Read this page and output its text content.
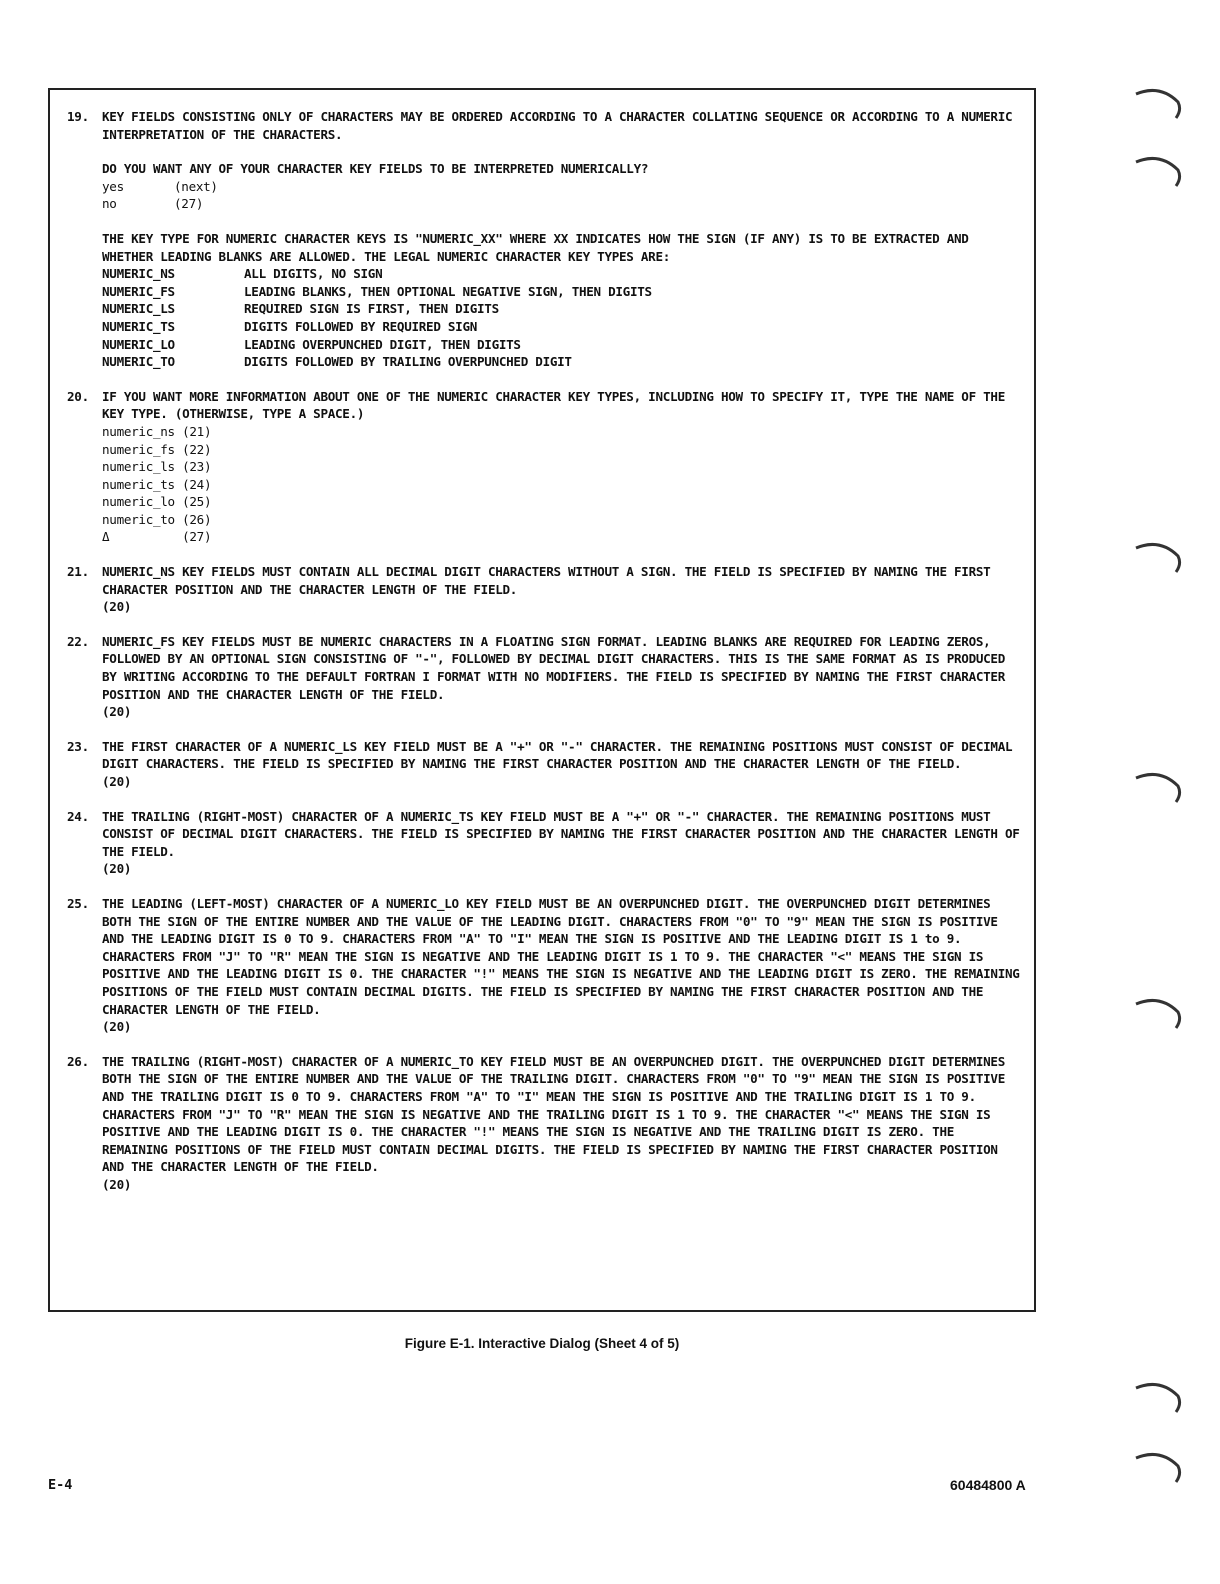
19. KEY FIELDS CONSISTING ONLY OF CHARACTERS MAY BE ORDERED ACCORDING TO A CHARACTER COLLATING SEQUENCE OR ACCORDING TO A NUMERIC INTERPRETATION OF THE CHARACTERS.

DO YOU WANT ANY OF YOUR CHARACTER KEY FIELDS TO BE INTERPRETED NUMERICALLY?

yes	(next)
no	(27)

THE KEY TYPE FOR NUMERIC CHARACTER KEYS IS "NUMERIC_XX" WHERE XX INDICATES HOW THE SIGN (IF ANY) IS TO BE EXTRACTED AND WHETHER LEADING BLANKS ARE ALLOWED. THE LEGAL NUMERIC CHARACTER KEY TYPES ARE:

NUMERIC_NS	ALL DIGITS, NO SIGN
NUMERIC_FS	LEADING BLANKS, THEN OPTIONAL NEGATIVE SIGN, THEN DIGITS
NUMERIC_LS	REQUIRED SIGN IS FIRST, THEN DIGITS
NUMERIC_TS	DIGITS FOLLOWED BY REQUIRED SIGN
NUMERIC_LO	LEADING OVERPUNCHED DIGIT, THEN DIGITS
NUMERIC_TO	DIGITS FOLLOWED BY TRAILING OVERPUNCHED DIGIT
20. IF YOU WANT MORE INFORMATION ABOUT ONE OF THE NUMERIC CHARACTER KEY TYPES, INCLUDING HOW TO SPECIFY IT, TYPE THE NAME OF THE KEY TYPE. (OTHERWISE, TYPE A SPACE.)

numeric_ns (21)
numeric_fs (22)
numeric_ls (23)
numeric_ts (24)
numeric_lo (25)
numeric_to (26)
Δ          (27)
21. NUMERIC_NS KEY FIELDS MUST CONTAIN ALL DECIMAL DIGIT CHARACTERS WITHOUT A SIGN. THE FIELD IS SPECIFIED BY NAMING THE FIRST CHARACTER POSITION AND THE CHARACTER LENGTH OF THE FIELD.

(20)

22. NUMERIC_FS KEY FIELDS MUST BE NUMERIC CHARACTERS IN A FLOATING SIGN FORMAT. LEADING BLANKS ARE REQUIRED FOR LEADING ZEROS, FOLLOWED BY AN OPTIONAL SIGN CONSISTING OF "-", FOLLOWED BY DECIMAL DIGIT CHARACTERS. THIS IS THE SAME FORMAT AS IS PRODUCED BY WRITING ACCORDING TO THE DEFAULT FORTRAN I FORMAT WITH NO MODIFIERS. THE FIELD IS SPECIFIED BY NAMING THE FIRST CHARACTER POSITION AND THE CHARACTER LENGTH OF THE FIELD.

(20)

23. THE FIRST CHARACTER OF A NUMERIC_LS KEY FIELD MUST BE A "+" OR "-" CHARACTER. THE REMAINING POSITIONS MUST CONSIST OF DECIMAL DIGIT CHARACTERS. THE FIELD IS SPECIFIED BY NAMING THE FIRST CHARACTER POSITION AND THE CHARACTER LENGTH OF THE FIELD.

(20)

24. THE TRAILING (RIGHT-MOST) CHARACTER OF A NUMERIC_TS KEY FIELD MUST BE A "+" OR "-" CHARACTER. THE REMAINING POSITIONS MUST CONSIST OF DECIMAL DIGIT CHARACTERS. THE FIELD IS SPECIFIED BY NAMING THE FIRST CHARACTER POSITION AND THE CHARACTER LENGTH OF THE FIELD.

(20)

25. THE LEADING (LEFT-MOST) CHARACTER OF A NUMERIC_LO KEY FIELD MUST BE AN OVERPUNCHED DIGIT. THE OVERPUNCHED DIGIT DETERMINES BOTH THE SIGN OF THE ENTIRE NUMBER AND THE VALUE OF THE LEADING DIGIT. CHARACTERS FROM "0" TO "9" MEAN THE SIGN IS POSITIVE AND THE LEADING DIGIT IS 0 TO 9. CHARACTERS FROM "A" TO "I" MEAN THE SIGN IS POSITIVE AND THE LEADING DIGIT IS 1 to 9. CHARACTERS FROM "J" TO "R" MEAN THE SIGN IS NEGATIVE AND THE LEADING DIGIT IS 1 TO 9. THE CHARACTER "<" MEANS THE SIGN IS POSITIVE AND THE LEADING DIGIT IS 0. THE CHARACTER "!" MEANS THE SIGN IS NEGATIVE AND THE LEADING DIGIT IS ZERO. THE REMAINING POSITIONS OF THE FIELD MUST CONTAIN DECIMAL DIGITS. THE FIELD IS SPECIFIED BY NAMING THE FIRST CHARACTER POSITION AND THE CHARACTER LENGTH OF THE FIELD.

(20)

26. THE TRAILING (RIGHT-MOST) CHARACTER OF A NUMERIC_TO KEY FIELD MUST BE AN OVERPUNCHED DIGIT. THE OVERPUNCHED DIGIT DETERMINES BOTH THE SIGN OF THE ENTIRE NUMBER AND THE VALUE OF THE TRAILING DIGIT. CHARACTERS FROM "0" TO "9" MEAN THE SIGN IS POSITIVE AND THE TRAILING DIGIT IS 0 TO 9. CHARACTERS FROM "A" TO "I" MEAN THE SIGN IS POSITIVE AND THE TRAILING DIGIT IS 1 TO 9. CHARACTERS FROM "J" TO "R" MEAN THE SIGN IS NEGATIVE AND THE TRAILING DIGIT IS 1 TO 9. THE CHARACTER "<" MEANS THE SIGN IS POSITIVE AND THE LEADING DIGIT IS 0. THE CHARACTER "!" MEANS THE SIGN IS NEGATIVE AND THE TRAILING DIGIT IS ZERO. THE REMAINING POSITIONS OF THE FIELD MUST CONTAIN DECIMAL DIGITS. THE FIELD IS SPECIFIED BY NAMING THE FIRST CHARACTER POSITION AND THE CHARACTER LENGTH OF THE FIELD.

(20)

Figure E-1. Interactive Dialog (Sheet 4 of 5)
E-4	60484800 A
